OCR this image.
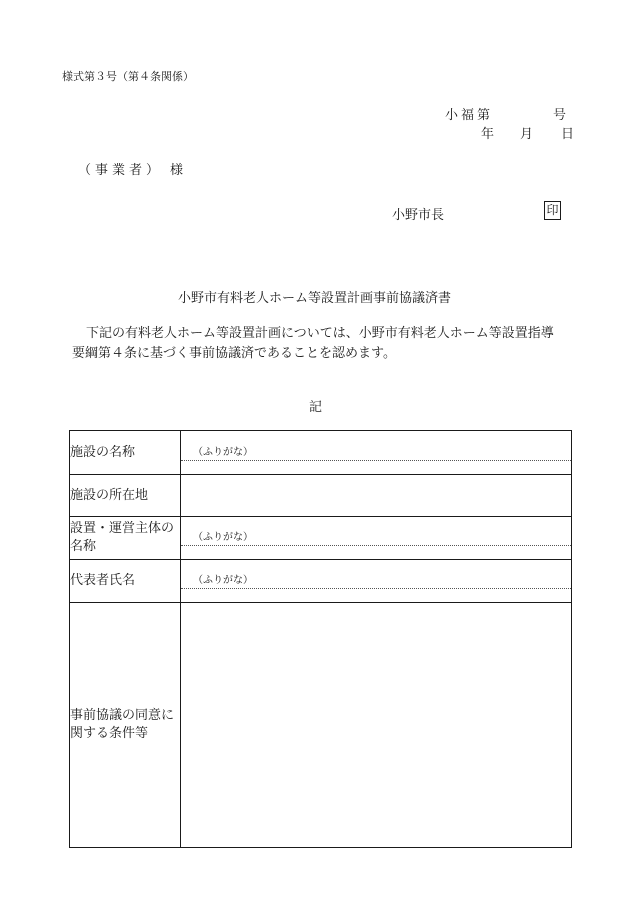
様式第３号（第４条関係）
小福第	号
年 月 日
（事業者） 様
小野市長	印
小野市有料老人ホーム等設置計画事前協議済書
下記の有料老人ホーム等設置計画については、小野市有料老人ホーム等設置指導
要綱第４条に基づく事前協議済であることを認めます。
記
施設の名称	（ふりがな）

施設の所在地	
設置・運営主体の名称	（ふりがな）

代表者氏名	（ふりがな）

事前協議の同意に関する条件等	
